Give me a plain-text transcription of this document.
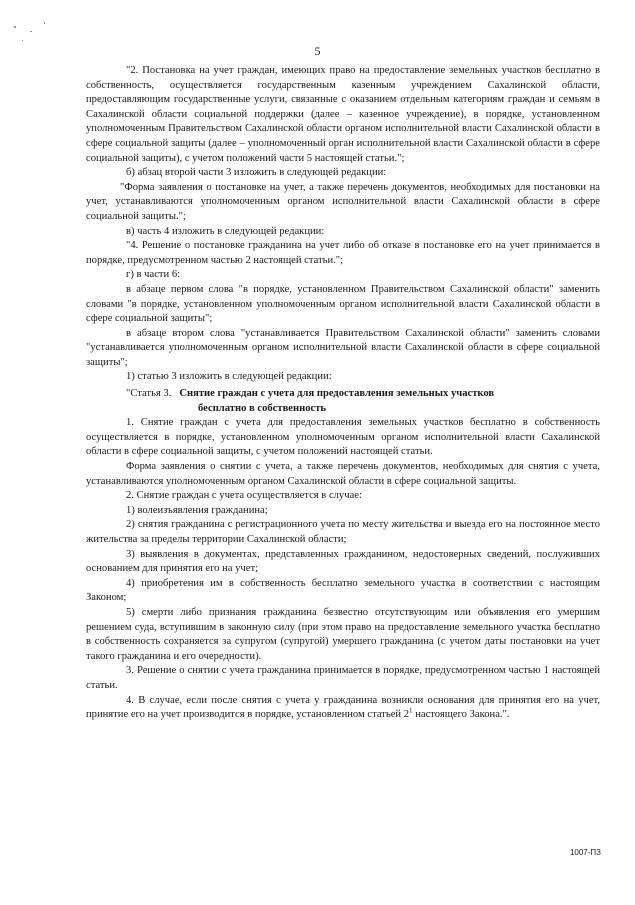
5

"2. Постановка на учет граждан, имеющих право на предоставление земельных участков бесплатно в собственность, осуществляется государственным казенным учреждением Сахалинской области, предоставляющим государственные услуги, связанные с оказанием отдельным категориям граждан и семьям в Сахалинской области социальной поддержки (далее – казенное учреждение), в порядке, установленном уполномоченным Правительством Сахалинской области органом исполнительной власти Сахалинской области в сфере социальной защиты (далее – уполномоченный орган исполнительной власти Сахалинской области в сфере социальной защиты), с учетом положений части 5 настоящей статьи.";

б) абзац второй части 3 изложить в следующей редакции:

"Форма заявления о постановке на учет, а также перечень документов, необходимых для постановки на учет, устанавливаются уполномоченным органом исполнительной власти Сахалинской области в сфере социальной защиты.";

в) часть 4 изложить в следующей редакции:

"4. Решение о постановке гражданина на учет либо об отказе в постановке его на учет принимается в порядке, предусмотренном частью 2 настоящей статьи.";

г) в части 6:

в абзаце первом слова "в порядке, установленном Правительством Сахалинской области" заменить словами "в порядке, установленном уполномоченным органом исполнительной власти Сахалинской области в сфере социальной защиты";

в абзаце втором слова "устанавливается Правительством Сахалинской области" заменить словами "устанавливается уполномоченным органом исполнительной власти Сахалинской области в сфере социальной защиты";

1) статью 3 изложить в следующей редакции:

"Статья 3. Снятие граждан с учета для предоставления земельных участков
бесплатно в собственность

1. Снятие граждан с учета для предоставления земельных участков бесплатно в собственность осуществляется в порядке, установленном уполномоченным органом исполнительной власти Сахалинской области в сфере социальной защиты, с учетом положений настоящей статьи.

Форма заявления о снятии с учета, а также перечень документов, необходимых для снятия с учета, устанавливаются уполномоченным органом Сахалинской области в сфере социальной защиты.

2. Снятие граждан с учета осуществляется в случае:

1) волеизъявления гражданина;

2) снятия гражданина с регистрационного учета по месту жительства и выезда его на постоянное место жительства за пределы территории Сахалинской области;

3) выявления в документах, представленных гражданином, недостоверных сведений, послуживших основанием для принятия его на учет;

4) приобретения им в собственность бесплатно земельного участка в соответствии с настоящим Законом;

5) смерти либо признания гражданина безвестно отсутствующим или объявления его умершим решением суда, вступившим в законную силу (при этом право на предоставление земельного участка бесплатно в собственность сохраняется за супругом (супругой) умершего гражданина (с учетом даты постановки на учет такого гражданина и его очередности).

3. Решение о снятии с учета гражданина принимается в порядке, предусмотренном частью 1 настоящей статьи.

4. В случае, если после снятия с учета у гражданина возникли основания для принятия его на учет, принятие его на учет производится в порядке, установленном статьей $2^1$ настоящего Закона.".

1007-ПЗ
